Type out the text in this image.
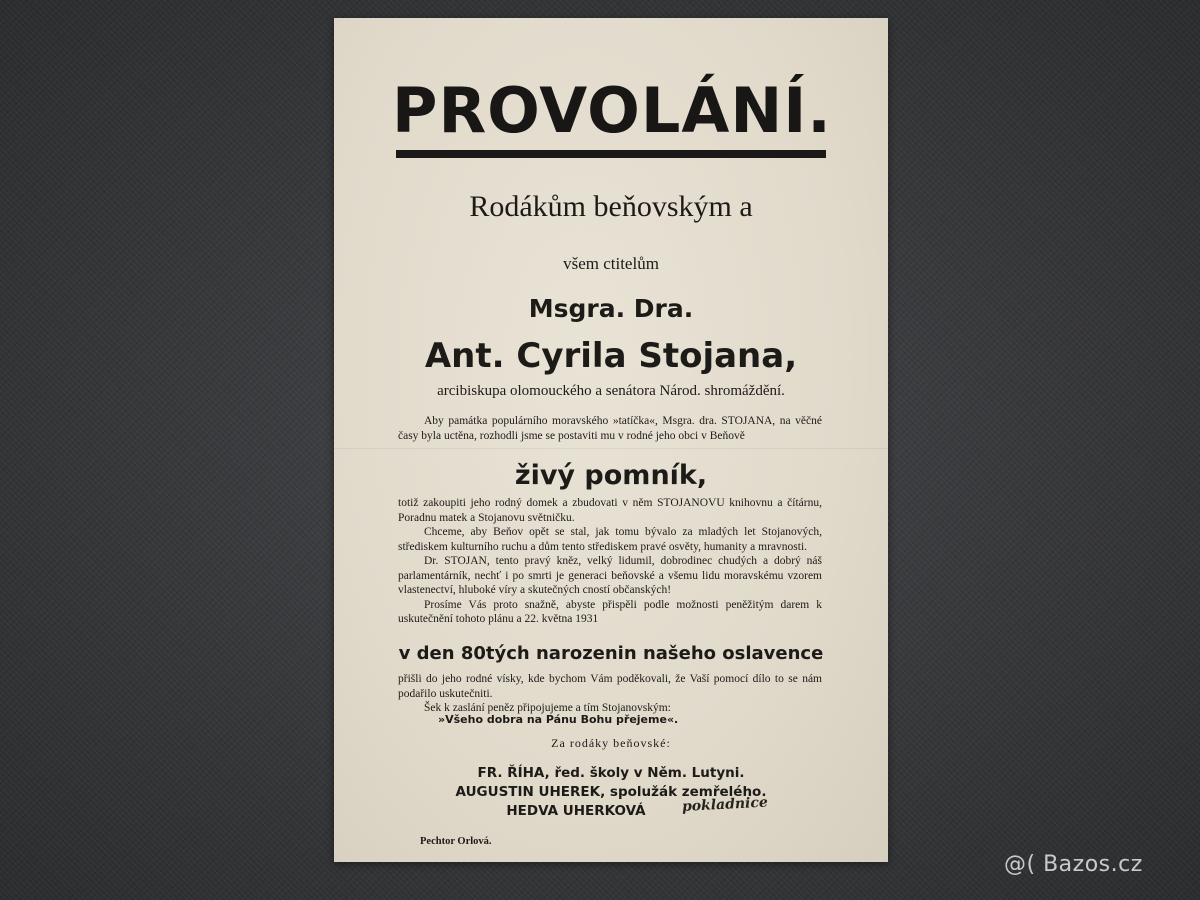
PROVOLÁNÍ.
Rodákům beňovským a
všem ctitelům
Msgra. Dra.
Ant. Cyrila Stojana,
arcibiskupa olomouckého a senátora Národ. shromáždění.

Aby památka populárního moravského »tatíčka«, Msgra. dra. STOJANA, na věčné časy byla uctěna, rozhodli jsme se postaviti mu v rodné jeho obci v Beňově

živý pomník,

totiž zakoupiti jeho rodný domek a zbudovati v něm STOJANOVU knihovnu a čítárnu, Poradnu matek a Stojanovu světničku.

Chceme, aby Beňov opět se stal, jak tomu bývalo za mladých let Stojanových, střediskem kulturního ruchu a dům tento střediskem pravé osvěty, humanity a mravnosti.

Dr. STOJAN, tento pravý kněz, velký lidumil, dobrodinec chudých a dobrý náš parlamentárník, nechť i po smrti je generaci beňovské a všemu lidu moravskému vzorem vlastenectví, hluboké víry a skutečných cností občanských!

Prosíme Vás proto snažně, abyste přispěli podle možnosti peněžitým darem k uskutečnění tohoto plánu a 22. května 1931

v den 80tých narozenin našeho oslavence

přišli do jeho rodné vísky, kde bychom Vám poděkovali, že Vaší pomocí dílo to se nám podařilo uskutečniti.

Šek k zaslání peněz připojujeme a tím Stojanovským:

»Všeho dobra na Pánu Bohu přejeme«.
Za rodáky beňovské:
FR. ŘÍHA, řed. školy v Něm. Lutyni.
AUGUSTIN UHEREK, spolužák zemřelého.
HEDVA UHERKOVÁ	pokladnice
Pechtor Orlová.
@( Bazos.cz
